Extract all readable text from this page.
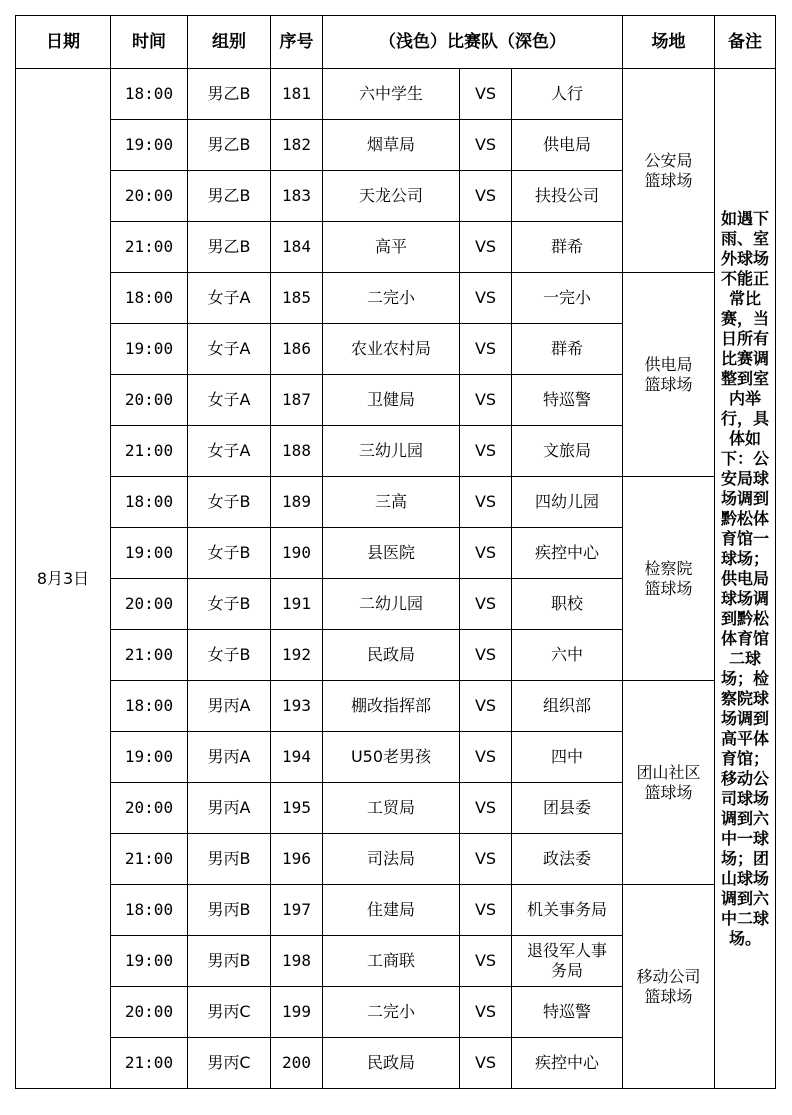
日期	时间	组别	序号	（浅色）比赛队（深色）			场地	备注
8月3日	18:00	男乙B	181	六中学生	VS	人行	公安局
篮球场	如遇下雨、室外球场不能正常比赛，当日所有比赛调整到室内举行，具体如下：公安局球场调到黔松体育馆一球场；供电局球场调到黔松体育馆二球场；检察院球场调到高平体育馆；移动公司球场调到六中一球场；团山球场调到六中二球场。
	19:00	男乙B	182	烟草局	VS	供电局		
	20:00	男乙B	183	天龙公司	VS	扶投公司		
	21:00	男乙B	184	高平	VS	群希		
	18:00	女子A	185	二完小	VS	一完小	供电局
篮球场	
	19:00	女子A	186	农业农村局	VS	群希		
	20:00	女子A	187	卫健局	VS	特巡警		
	21:00	女子A	188	三幼儿园	VS	文旅局		
	18:00	女子B	189	三高	VS	四幼儿园	检察院
篮球场	
	19:00	女子B	190	县医院	VS	疾控中心		
	20:00	女子B	191	二幼儿园	VS	职校		
	21:00	女子B	192	民政局	VS	六中		
	18:00	男丙A	193	棚改指挥部	VS	组织部	团山社区
篮球场	
	19:00	男丙A	194	U50老男孩	VS	四中		
	20:00	男丙A	195	工贸局	VS	团县委		
	21:00	男丙B	196	司法局	VS	政法委		
	18:00	男丙B	197	住建局	VS	机关事务局	移动公司
篮球场	
	19:00	男丙B	198	工商联	VS	退役军人事
务局		
	20:00	男丙C	199	二完小	VS	特巡警		
	21:00	男丙C	200	民政局	VS	疾控中心		
